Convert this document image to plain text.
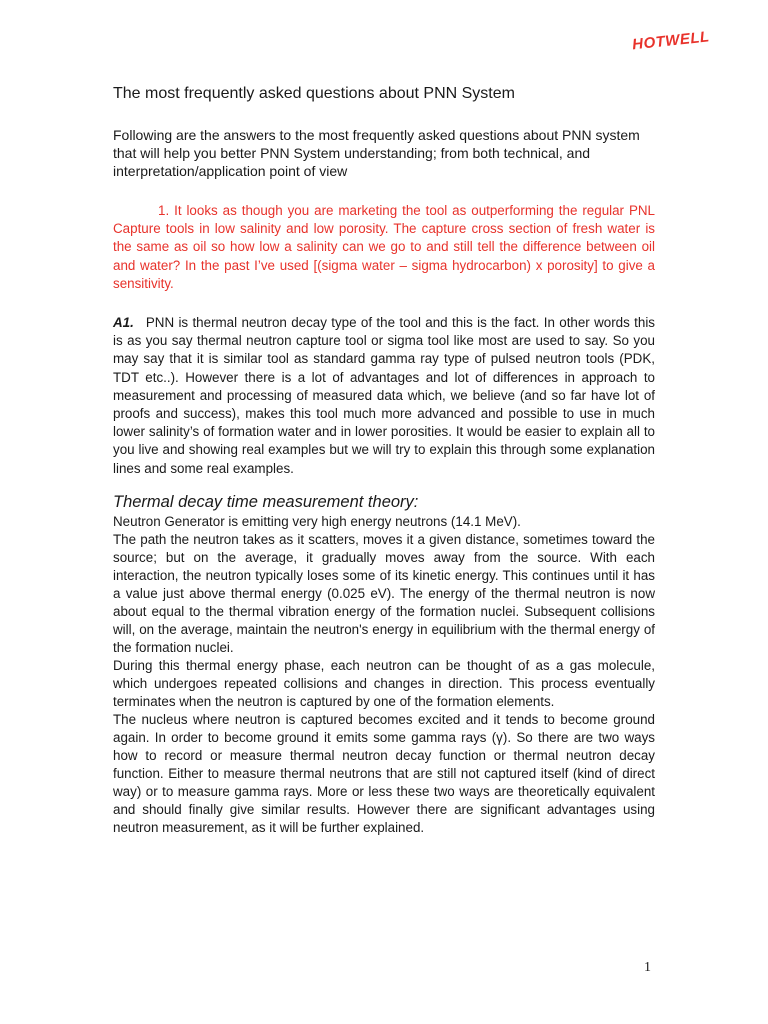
HOTWELL
The most frequently asked questions about PNN System

Following are the answers to the most frequently asked questions about PNN system that will help you better PNN System understanding; from both technical, and interpretation/application point of view

1. It looks as though you are marketing the tool as outperforming the regular PNL Capture tools in low salinity and low porosity. The capture cross section of fresh water is the same as oil so how low a salinity can we go to and still tell the difference between oil and water? In the past I’ve used [(sigma water – sigma hydrocarbon) x porosity] to give a sensitivity.

A1. PNN is thermal neutron decay type of the tool and this is the fact. In other words this is as you say thermal neutron capture tool or sigma tool like most are used to say. So you may say that it is similar tool as standard gamma ray type of pulsed neutron tools (PDK, TDT etc..). However there is a lot of advantages and lot of differences in approach to measurement and processing of measured data which, we believe (and so far have lot of proofs and success), makes this tool much more advanced and possible to use in much lower salinity’s of formation water and in lower porosities. It would be easier to explain all to you live and showing real examples but we will try to explain this through some explanation lines and some real examples.

Thermal decay time measurement theory:

Neutron Generator is emitting very high energy neutrons (14.1 MeV).

The path the neutron takes as it scatters, moves it a given distance, sometimes toward the source; but on the average, it gradually moves away from the source. With each interaction, the neutron typically loses some of its kinetic energy. This continues until it has a value just above thermal energy (0.025 eV). The energy of the thermal neutron is now about equal to the thermal vibration energy of the formation nuclei. Subsequent collisions will, on the average, maintain the neutron's energy in equilibrium with the thermal energy of the formation nuclei.

During this thermal energy phase, each neutron can be thought of as a gas molecule, which undergoes repeated collisions and changes in direction. This process eventually terminates when the neutron is captured by one of the formation elements.

The nucleus where neutron is captured becomes excited and it tends to become ground again. In order to become ground it emits some gamma rays (γ). So there are two ways how to record or measure thermal neutron decay function or thermal neutron decay function. Either to measure thermal neutrons that are still not captured itself (kind of direct way) or to measure gamma rays. More or less these two ways are theoretically equivalent and should finally give similar results. However there are significant advantages using neutron measurement, as it will be further explained.

1
